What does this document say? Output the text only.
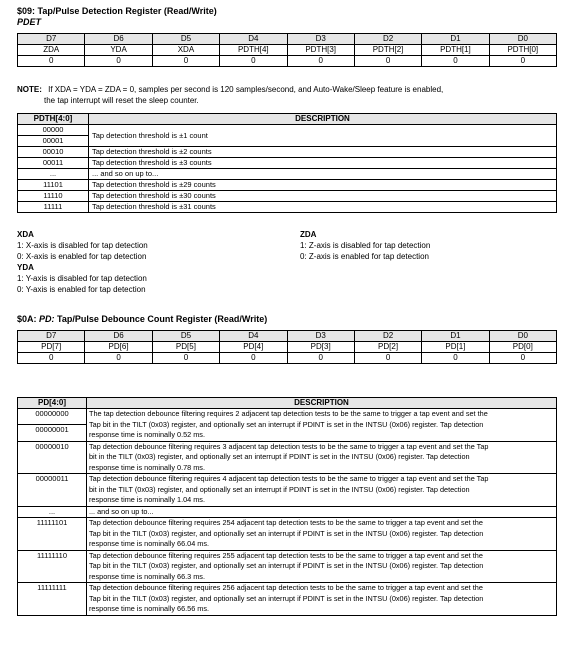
$09: Tap/Pulse Detection Register (Read/Write)
PDET
D7	D6	D5	D4	D3	D2	D1	D0
ZDA	YDA	XDA	PDTH[4]	PDTH[3]	PDTH[2]	PDTH[1]	PDTH[0]
0	0	0	0	0	0	0	0
NOTE: If XDA = YDA = ZDA = 0, samples per second is 120 samples/second, and Auto-Wake/Sleep feature is enabled,
the tap interrupt will reset the sleep counter.
PDTH[4:0]	DESCRIPTION
00000	Tap detection threshold is ±1 count
00001	
00010	Tap detection threshold is ±2 counts
00011	Tap detection threshold is ±3 counts
...	... and so on up to...
11101	Tap detection threshold is ±29 counts
11110	Tap detection threshold is ±30 counts
11111	Tap detection threshold is ±31 counts
XDA
1: X-axis is disabled for tap detection
0: X-axis is enabled for tap detection
YDA
1: Y-axis is disabled for tap detection
0: Y-axis is enabled for tap detection
ZDA
1: Z-axis is disabled for tap detection
0: Z-axis is enabled for tap detection
$0A: PD: Tap/Pulse Debounce Count Register (Read/Write)
D7	D6	D5	D4	D3	D2	D1	D0
PD[7]	PD[6]	PD[5]	PD[4]	PD[3]	PD[2]	PD[1]	PD[0]
0	0	0	0	0	0	0	0
PD[4:0]	DESCRIPTION
00000000	The tap detection debounce filtering requires 2 adjacent tap detection tests to be the same to trigger a tap event and set the
Tap bit in the TILT (0x03) register, and optionally set an interrupt if PDINT is set in the INTSU (0x06) register. Tap detection
response time is nominally 0.52 ms.

00000001	
00000010	Tap detection debounce filtering requires 3 adjacent tap detection tests to be the same to trigger a tap event and set the Tap
bit in the TILT (0x03) register, and optionally set an interrupt if PDINT is set in the INTSU (0x06) register. Tap detection
response time is nominally 0.78 ms.

00000011	Tap detection debounce filtering requires 4 adjacent tap detection tests to be the same to trigger a tap event and set the Tap
bit in the TILT (0x03) register, and optionally set an interrupt if PDINT is set in the INTSU (0x06) register. Tap detection
response time is nominally 1.04 ms.

...	... and so on up to...

11111101	Tap detection debounce filtering requires 254 adjacent tap detection tests to be the same to trigger a tap event and set the
Tap bit in the TILT (0x03) register, and optionally set an interrupt if PDINT is set in the INTSU (0x06) register. Tap detection
response time is nominally 66.04 ms.

11111110	Tap detection debounce filtering requires 255 adjacent tap detection tests to be the same to trigger a tap event and set the
Tap bit in the TILT (0x03) register, and optionally set an interrupt if PDINT is set in the INTSU (0x06) register. Tap detection
response time is nominally 66.3 ms.

11111111	Tap detection debounce filtering requires 256 adjacent tap detection tests to be the same to trigger a tap event and set the
Tap bit in the TILT (0x03) register, and optionally set an interrupt if PDINT is set in the INTSU (0x06) register. Tap detection
response time is nominally 66.56 ms.
